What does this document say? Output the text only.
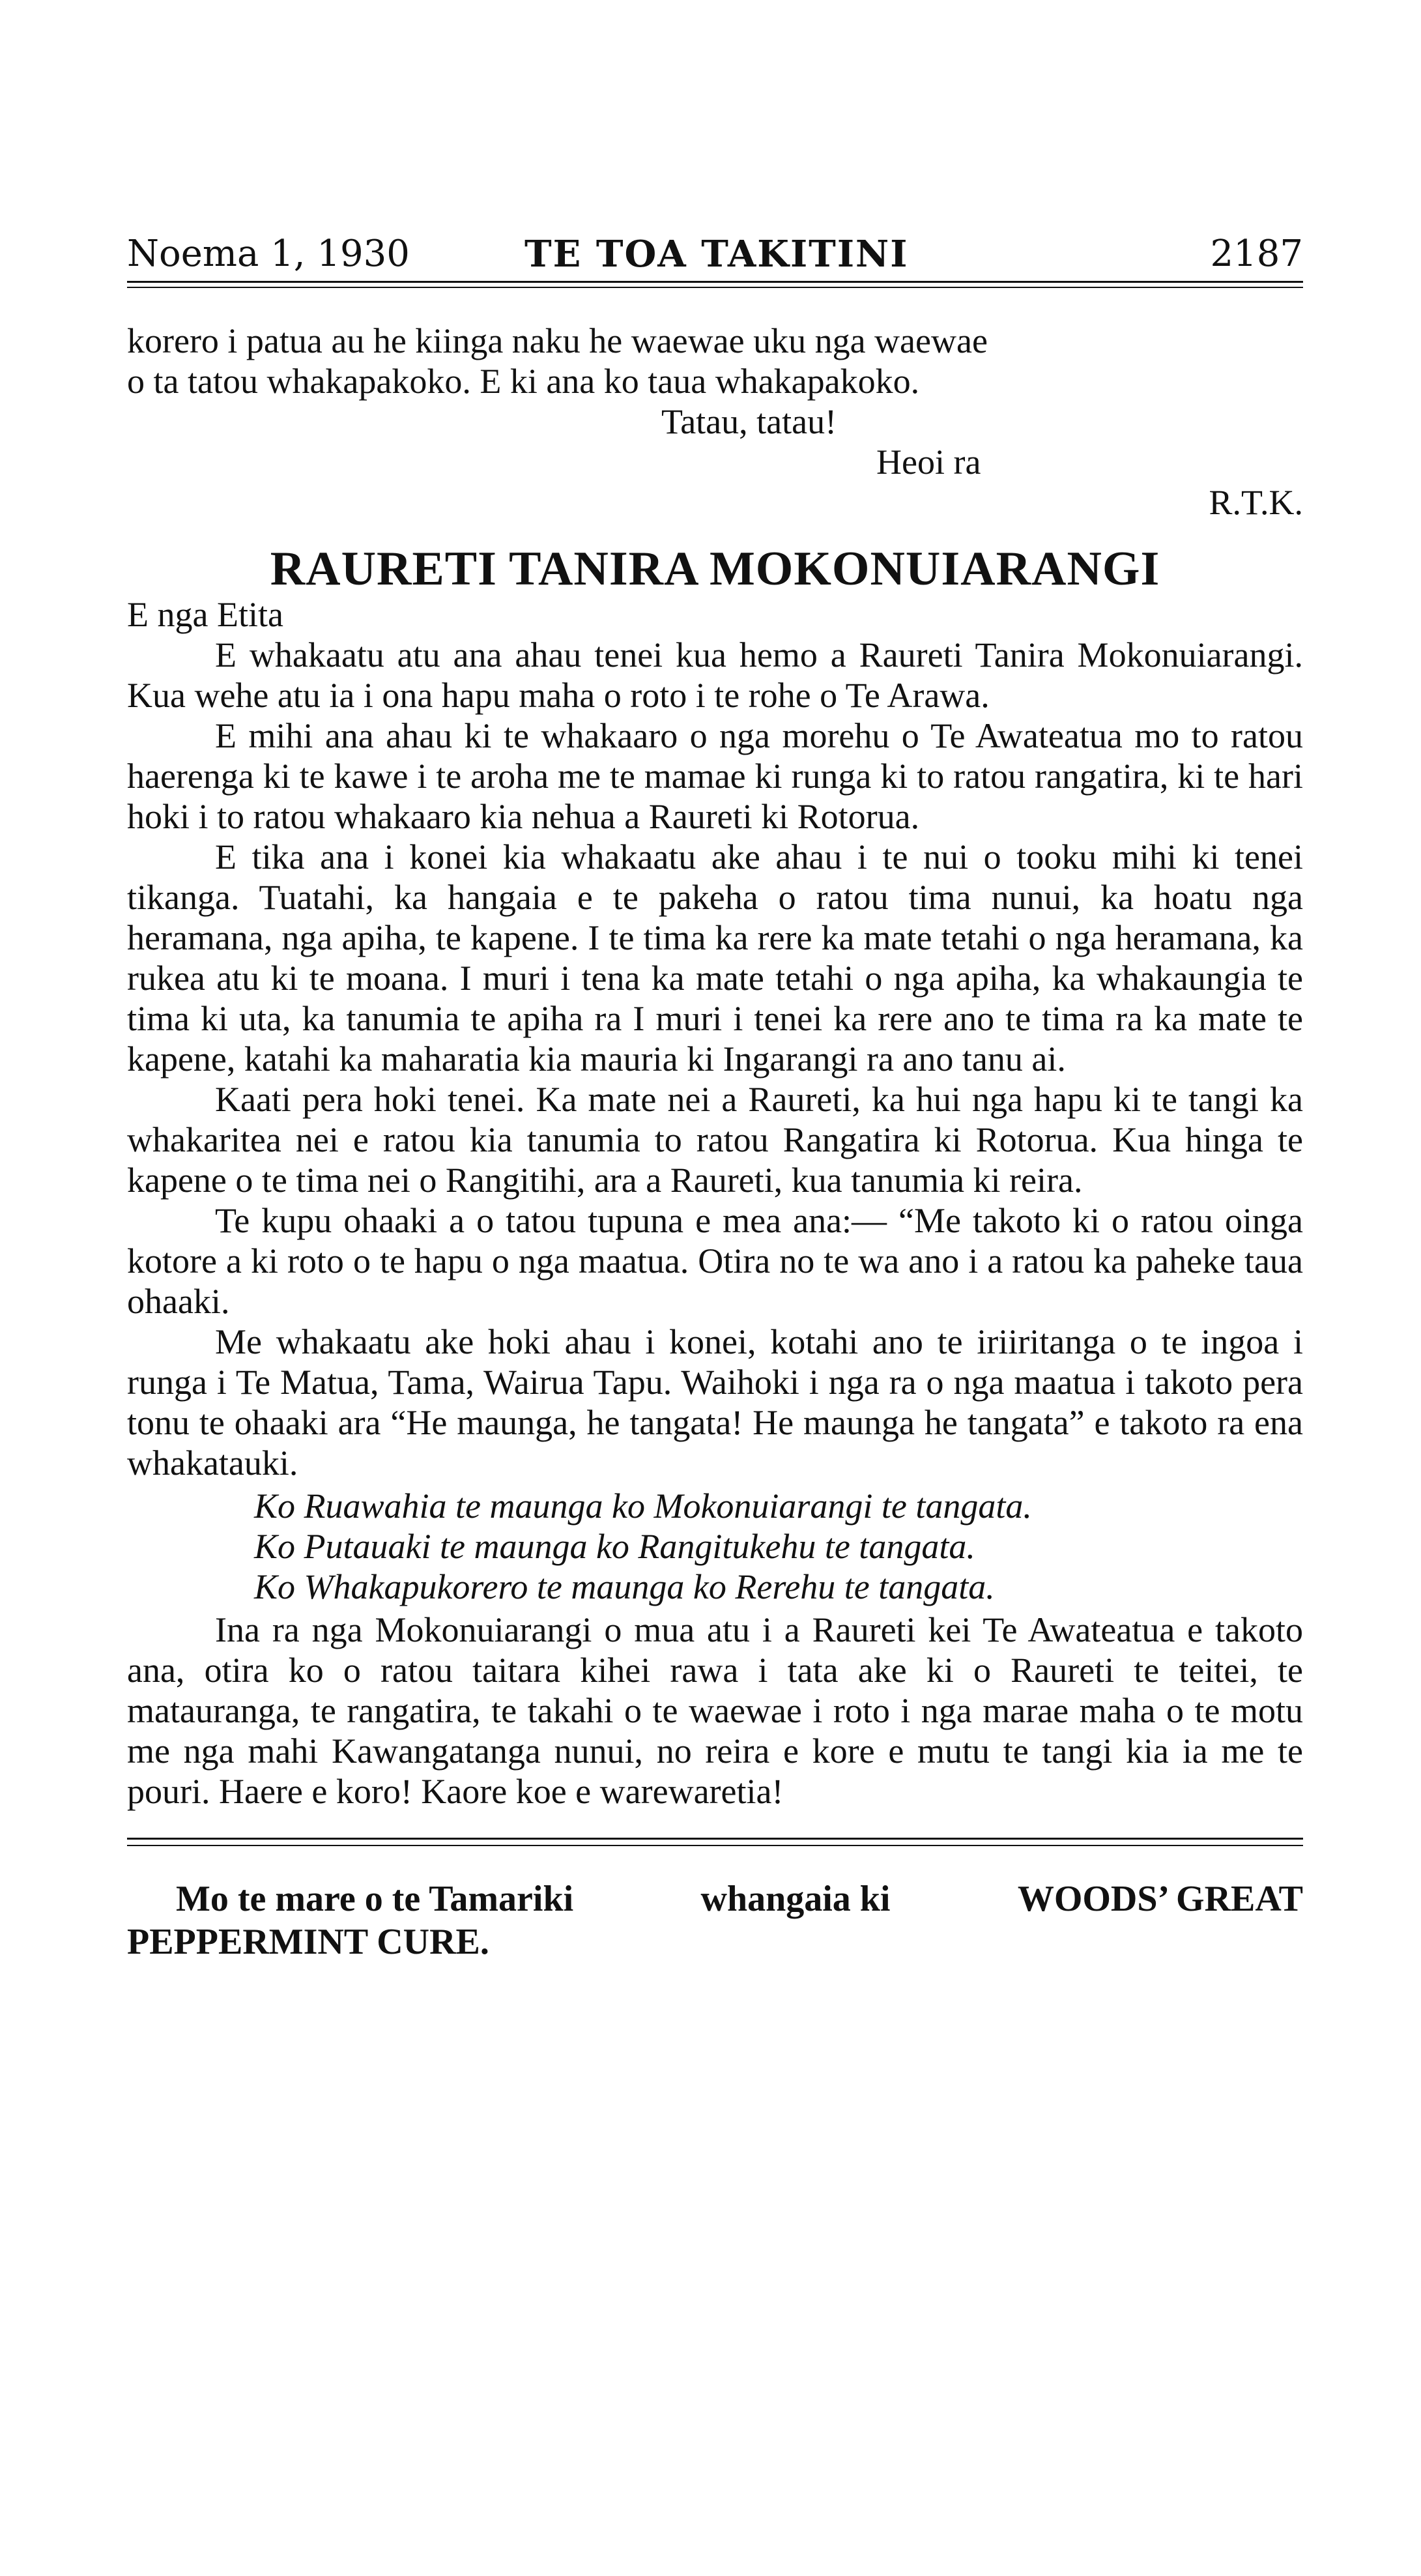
Noema 1, 1930	TE TOA TAKITINI	2187

korero i patua au he kiinga naku he waewae uku nga waewae

o ta tatou whakapakoko. E ki ana ko taua whakapakoko.

Tatau, tatau!

Heoi ra

R.T.K.

RAURETI TANIRA MOKONUIARANGI

E nga Etita

E whakaatu atu ana ahau tenei kua hemo a Raureti Tanira Mokonuiarangi. Kua wehe atu ia i ona hapu maha o roto i te rohe o Te Arawa.

E mihi ana ahau ki te whakaaro o nga morehu o Te Awateatua mo to ratou haerenga ki te kawe i te aroha me te mamae ki runga ki to ratou rangatira, ki te hari hoki i to ratou whakaaro kia nehua a Raureti ki Rotorua.

E tika ana i konei kia whakaatu ake ahau i te nui o tooku mihi ki tenei tikanga. Tuatahi, ka hangaia e te pakeha o ratou tima nunui, ka hoatu nga heramana, nga apiha, te kapene. I te tima ka rere ka mate tetahi o nga heramana, ka rukea atu ki te moana. I muri i tena ka mate tetahi o nga apiha, ka whakaungia te tima ki uta, ka tanumia te apiha ra I muri i tenei ka rere ano te tima ra ka mate te kapene, katahi ka maharatia kia mauria ki Ingarangi ra ano tanu ai.

Kaati pera hoki tenei. Ka mate nei a Raureti, ka hui nga hapu ki te tangi ka whakaritea nei e ratou kia tanumia to ratou Rangatira ki Rotorua. Kua hinga te kapene o te tima nei o Rangitihi, ara a Raureti, kua tanumia ki reira.

Te kupu ohaaki a o tatou tupuna e mea ana:— “Me takoto ki o ratou oinga kotore a ki roto o te hapu o nga maatua. Otira no te wa ano i a ratou ka paheke taua ohaaki.

Me whakaatu ake hoki ahau i konei, kotahi ano te iriiritanga o te ingoa i runga i Te Matua, Tama, Wairua Tapu. Waihoki i nga ra o nga maatua i takoto pera tonu te ohaaki ara “He maunga, he tangata! He maunga he tangata” e takoto ra ena whakatauki.

Ko Ruawahia te maunga ko Mokonuiarangi te tangata.

Ko Putauaki te maunga ko Rangitukehu te tangata.

Ko Whakapukorero te maunga ko Rerehu te tangata.

Ina ra nga Mokonuiarangi o mua atu i a Raureti kei Te Awateatua e takoto ana, otira ko o ratou taitara kihei rawa i tata ake ki o Raureti te teitei, te matauranga, te rangatira, te takahi o te waewae i roto i nga marae maha o te motu me nga mahi Kawangatanga nunui, no reira e kore e mutu te tangi kia ia me te pouri. Haere e koro! Kaore koe e warewaretia!

Mo te mare o te Tamariki	whangaia ki	WOODS’ GREAT
PEPPERMINT CURE.
